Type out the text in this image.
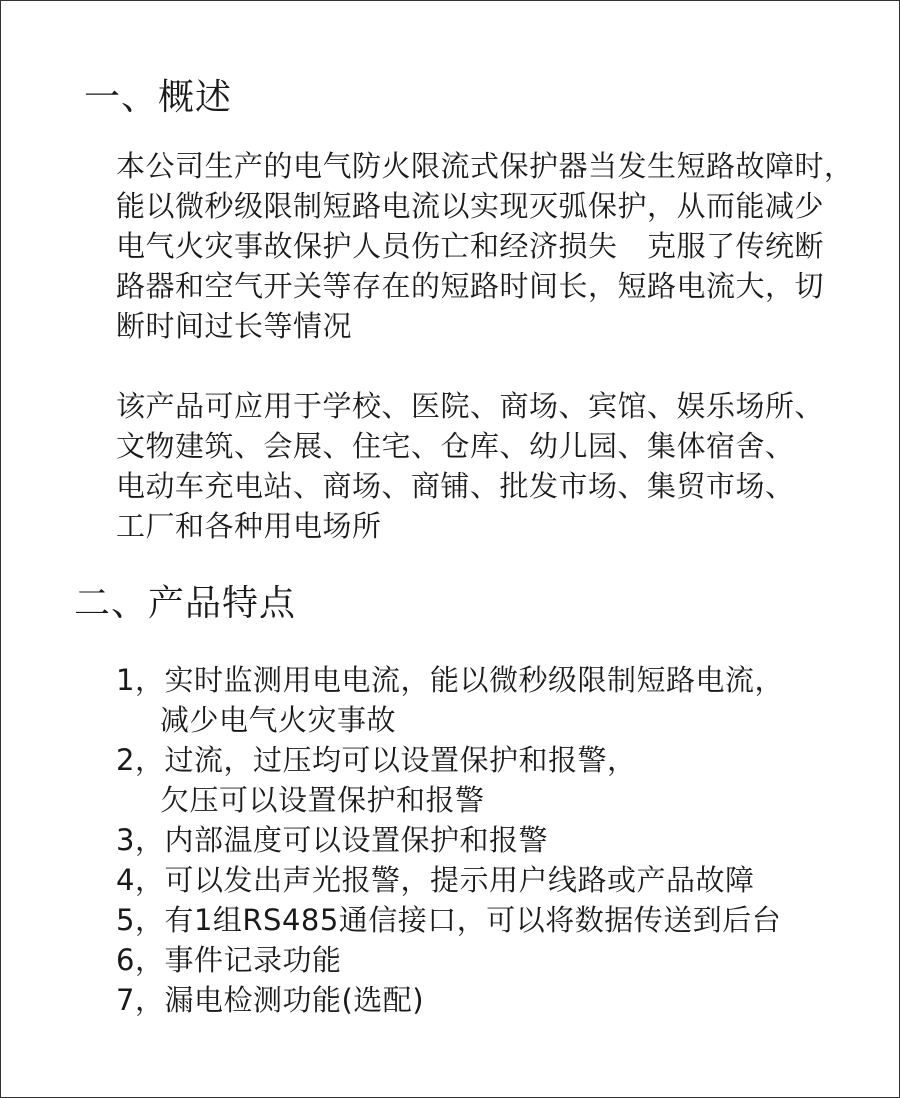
一、概述

本公司生产的电气防火限流式保护器当发生短路故障时，
能以微秒级限制短路电流以实现灭弧保护，从而能减少
电气火灾事故保护人员伤亡和经济损失　克服了传统断
路器和空气开关等存在的短路时间长，短路电流大，切
断时间过长等情况

该产品可应用于学校、医院、商场、宾馆、娱乐场所、
文物建筑、会展、住宅、仓库、幼儿园、集体宿舍、
电动车充电站、商场、商铺、批发市场、集贸市场、
工厂和各种用电场所

二、产品特点
1，实时监测用电电流，能以微秒级限制短路电流，
减少电气火灾事故
2，过流，过压均可以设置保护和报警，
欠压可以设置保护和报警
3，内部温度可以设置保护和报警
4，可以发出声光报警，提示用户线路或产品故障
5，有1组RS485通信接口，可以将数据传送到后台
6，事件记录功能
7，漏电检测功能(选配)
